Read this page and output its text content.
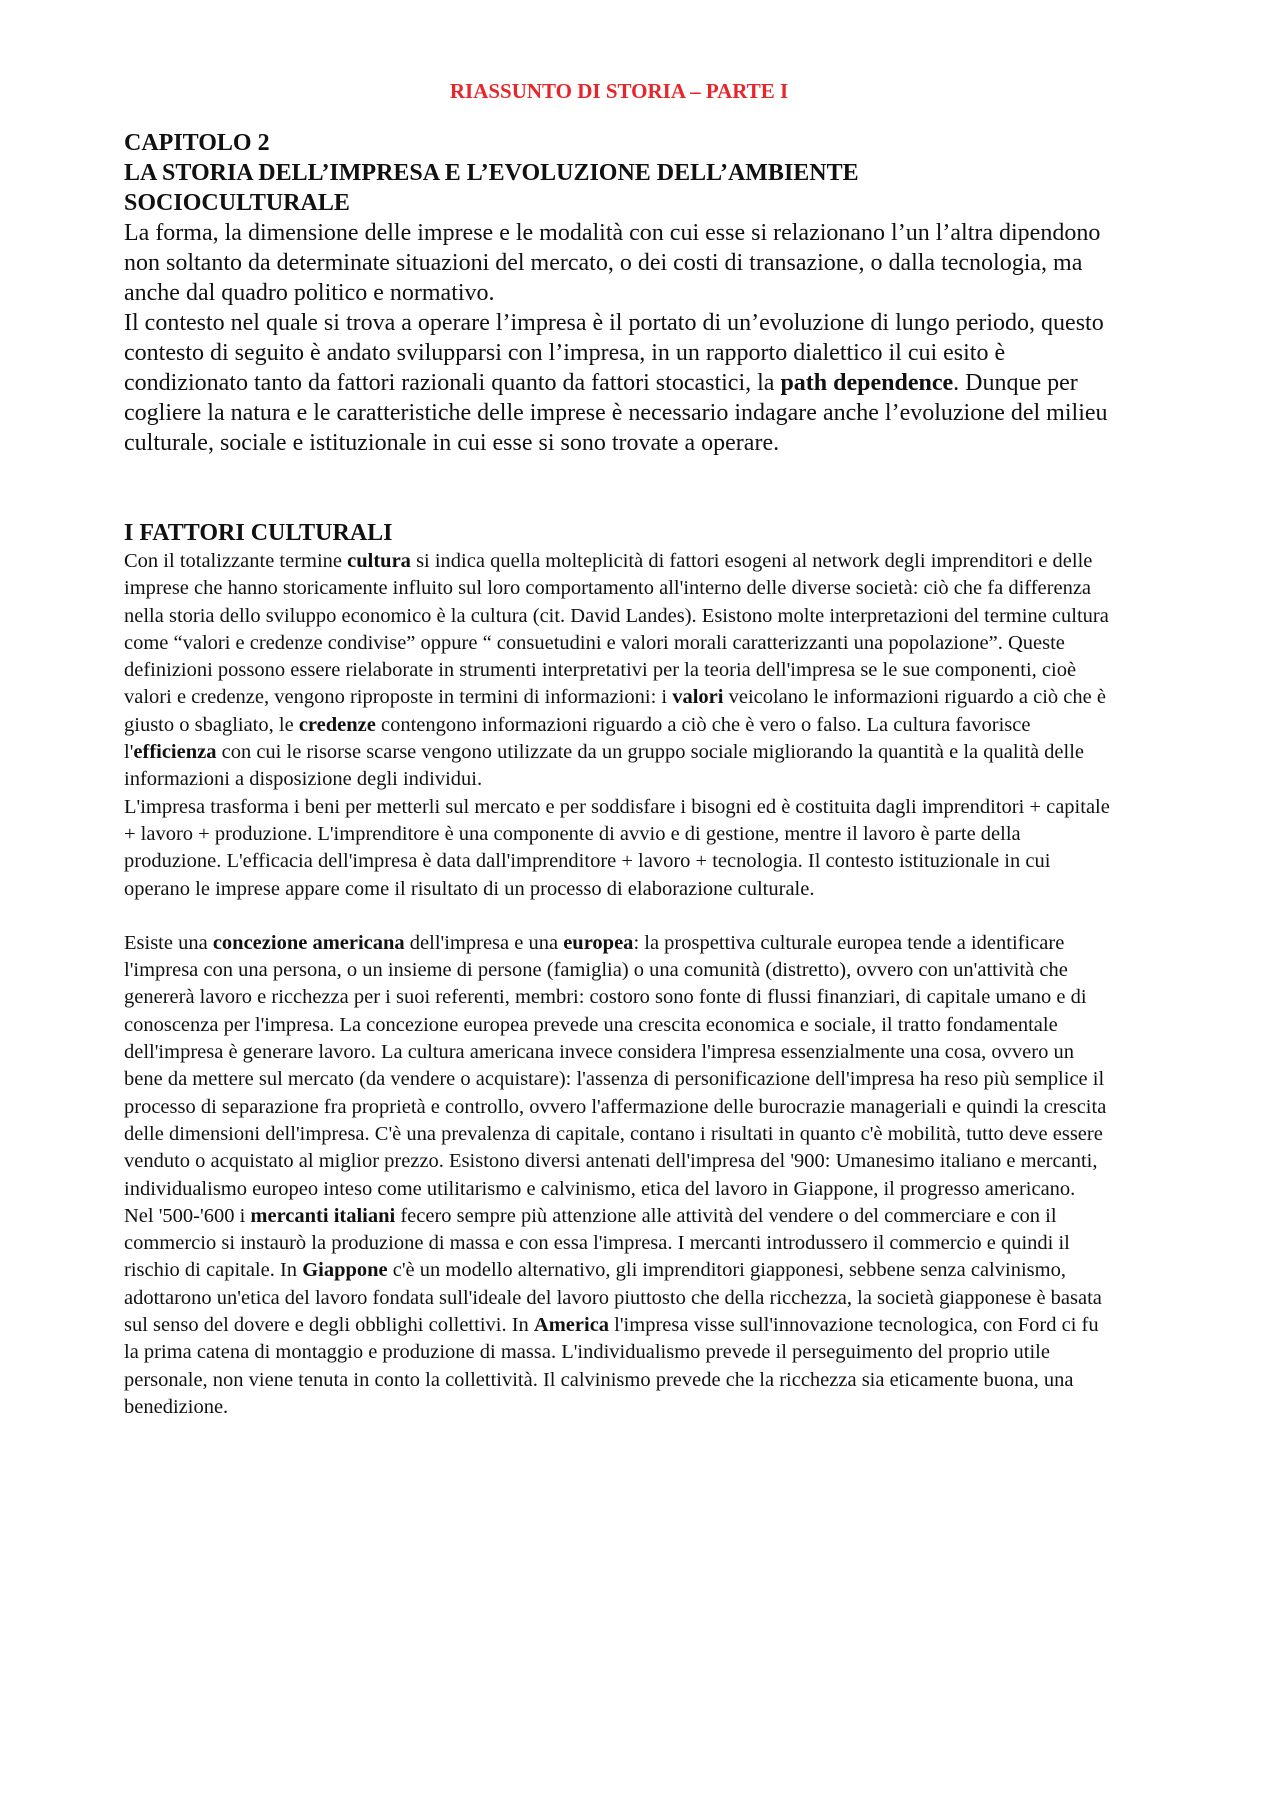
RIASSUNTO DI STORIA – PARTE I
CAPITOLO 2
LA STORIA DELL’IMPRESA E L’EVOLUZIONE DELL’AMBIENTE
SOCIOCULTURALE

La forma, la dimensione delle imprese e le modalità con cui esse si relazionano l’un l’altra dipendono non soltanto da determinate situazioni del mercato, o dei costi di transazione, o dalla tecnologia, ma anche dal quadro politico e normativo.

Il contesto nel quale si trova a operare l’impresa è il portato di un’evoluzione di lungo periodo, questo contesto di seguito è andato svilupparsi con l’impresa, in un rapporto dialettico il cui esito è condizionato tanto da fattori razionali quanto da fattori stocastici, la path dependence. Dunque per cogliere la natura e le caratteristiche delle imprese è necessario indagare anche l’evoluzione del milieu culturale, sociale e istituzionale in cui esse si sono trovate a operare.

I FATTORI CULTURALI

Con il totalizzante termine cultura si indica quella molteplicità di fattori esogeni al network degli imprenditori e delle imprese che hanno storicamente influito sul loro comportamento all'interno delle diverse società: ciò che fa differenza nella storia dello sviluppo economico è la cultura (cit. David Landes). Esistono molte interpretazioni del termine cultura come “valori e credenze condivise” oppure “ consuetudini e valori morali caratterizzanti una popolazione”. Queste definizioni possono essere rielaborate in strumenti interpretativi per la teoria dell'impresa se le sue componenti, cioè valori e credenze, vengono riproposte in termini di informazioni: i valori veicolano le informazioni riguardo a ciò che è giusto o sbagliato, le credenze contengono informazioni riguardo a ciò che è vero o falso. La cultura favorisce l'efficienza con cui le risorse scarse vengono utilizzate da un gruppo sociale migliorando la quantità e la qualità delle informazioni a disposizione degli individui.

L'impresa trasforma i beni per metterli sul mercato e per soddisfare i bisogni ed è costituita dagli imprenditori + capitale + lavoro + produzione. L'imprenditore è una componente di avvio e di gestione, mentre il lavoro è parte della produzione. L'efficacia dell'impresa è data dall'imprenditore + lavoro + tecnologia. Il contesto istituzionale in cui operano le imprese appare come il risultato di un processo di elaborazione culturale.

Esiste una concezione americana dell'impresa e una europea: la prospettiva culturale europea tende a identificare l'impresa con una persona, o un insieme di persone (famiglia) o una comunità (distretto), ovvero con un'attività che genererà lavoro e ricchezza per i suoi referenti, membri: costoro sono fonte di flussi finanziari, di capitale umano e di conoscenza per l'impresa. La concezione europea prevede una crescita economica e sociale, il tratto fondamentale dell'impresa è generare lavoro. La cultura americana invece considera l'impresa essenzialmente una cosa, ovvero un bene da mettere sul mercato (da vendere o acquistare): l'assenza di personificazione dell'impresa ha reso più semplice il processo di separazione fra proprietà e controllo, ovvero l'affermazione delle burocrazie manageriali e quindi la crescita delle dimensioni dell'impresa. C'è una prevalenza di capitale, contano i risultati in quanto c'è mobilità, tutto deve essere venduto o acquistato al miglior prezzo. Esistono diversi antenati dell'impresa del '900: Umanesimo italiano e mercanti, individualismo europeo inteso come utilitarismo e calvinismo, etica del lavoro in Giappone, il progresso americano.

Nel '500-'600 i mercanti italiani fecero sempre più attenzione alle attività del vendere o del commerciare e con il commercio si instaurò la produzione di massa e con essa l'impresa. I mercanti introdussero il commercio e quindi il rischio di capitale. In Giappone c'è un modello alternativo, gli imprenditori giapponesi, sebbene senza calvinismo, adottarono un'etica del lavoro fondata sull'ideale del lavoro piuttosto che della ricchezza, la società giapponese è basata sul senso del dovere e degli obblighi collettivi. In America l'impresa visse sull'innovazione tecnologica, con Ford ci fu la prima catena di montaggio e produzione di massa. L'individualismo prevede il perseguimento del proprio utile personale, non viene tenuta in conto la collettività. Il calvinismo prevede che la ricchezza sia eticamente buona, una benedizione.
